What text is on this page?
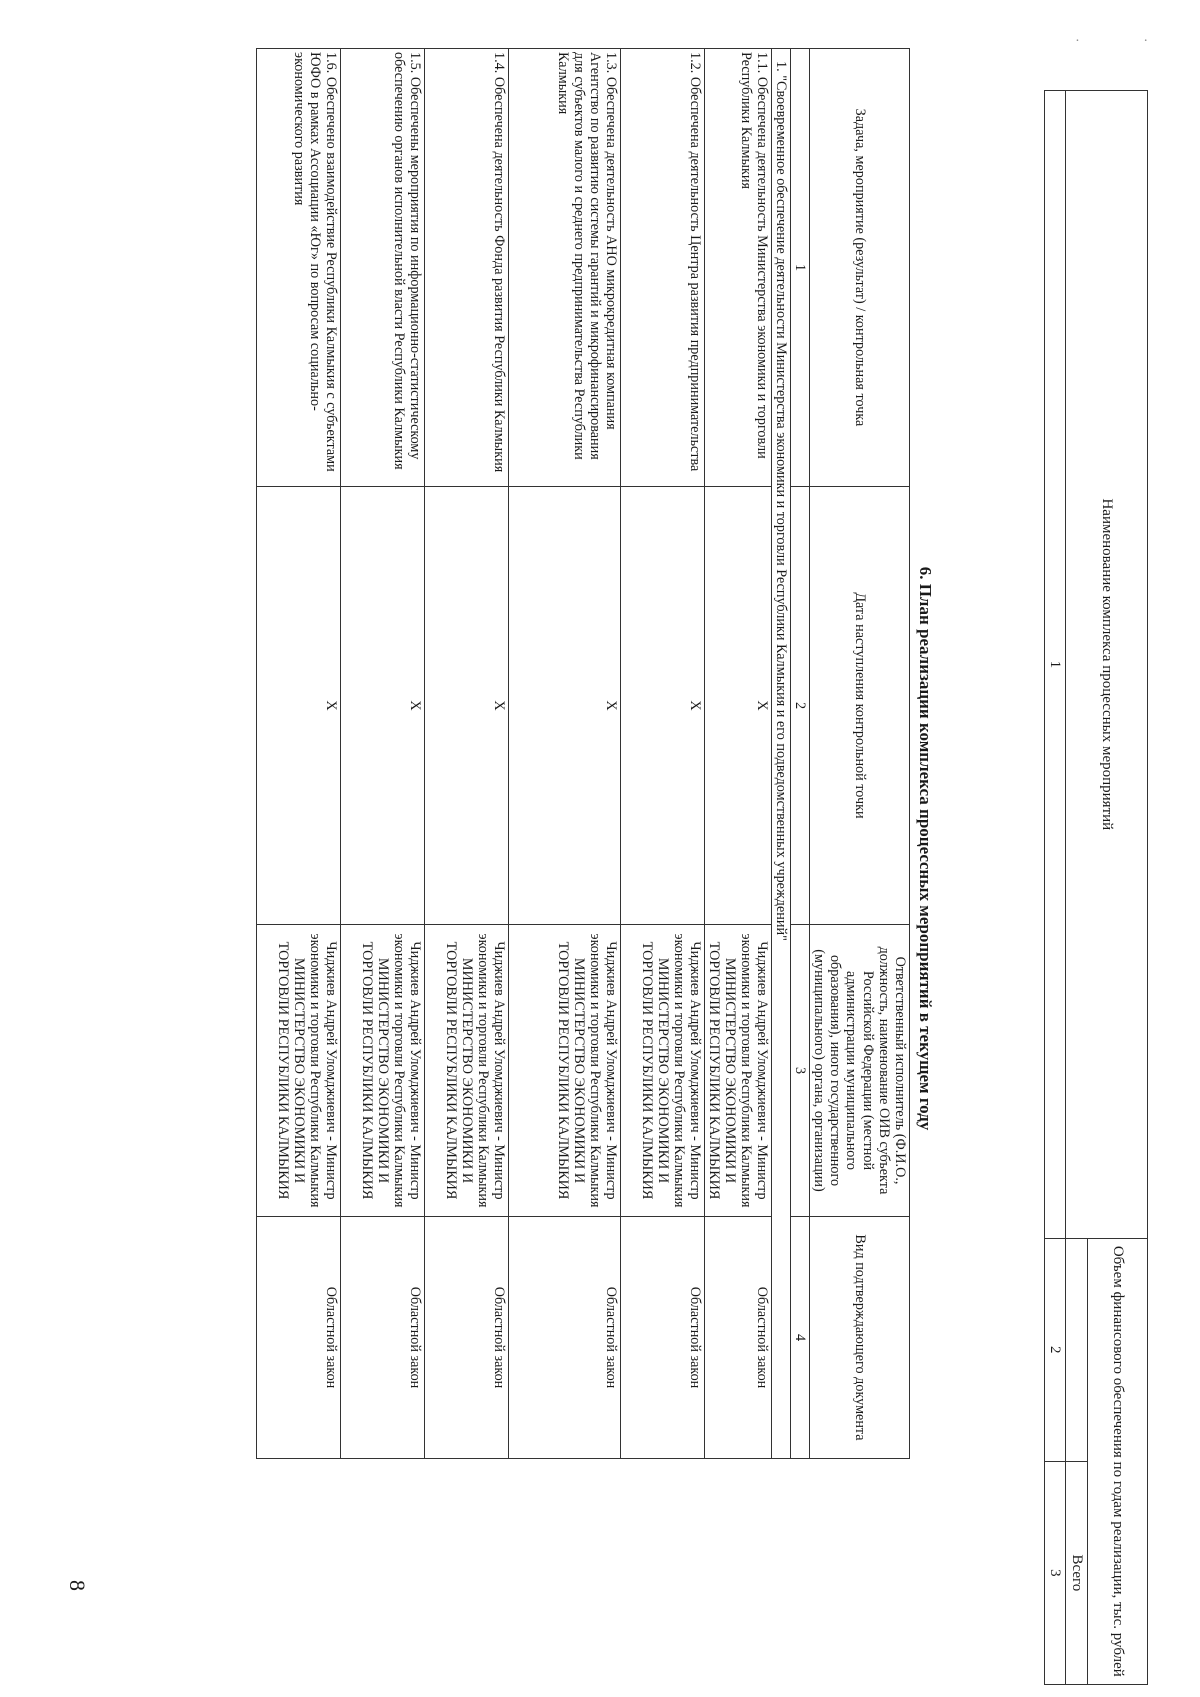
· ·
Наименование комплекса процессных мероприятий	Объем финансового обеспечения по годам реализации, тыс. рублей	
		Всего
1	2	3
6. План реализации комплекса процессных мероприятий в текущем году
Задача, мероприятие (результат) / контрольная точка	Дата наступления контрольной точки	Ответственный исполнитель (Ф.И.О., должность, наименование ОИВ субъекта Российской Федерации (местной администрации муниципального образования), иного государственного (муниципального) органа, организации)	Вид подтверждающего документа
1	2	3	4
1. "Своевременное обеспечение деятельности Министерства экономики и торговли Республики Калмыкия и его подведомственных учреждений"			
1.1. Обеспечена деятельность Министерства экономики и торговли Республики Калмыкия	X	Чиджиев Андрей Уломджиевич - Министр экономики и торговли Республики Калмыкия МИНИСТЕРСТВО ЭКОНОМИКИ И ТОРГОВЛИ РЕСПУБЛИКИ КАЛМЫКИЯ	Областной закон
1.2. Обеспечена деятельность Центра развития предпринимательства	X	Чиджиев Андрей Уломджиевич - Министр экономики и торговли Республики Калмыкия МИНИСТЕРСТВО ЭКОНОМИКИ И ТОРГОВЛИ РЕСПУБЛИКИ КАЛМЫКИЯ	Областной закон
1.3. Обеспечена деятельность АНО микрокредитная компания Агентство по развитию системы гарантий и микрофинансирования для субъектов малого и среднего предпринимательства Республики Калмыкия	X	Чиджиев Андрей Уломджиевич - Министр экономики и торговли Республики Калмыкия МИНИСТЕРСТВО ЭКОНОМИКИ И ТОРГОВЛИ РЕСПУБЛИКИ КАЛМЫКИЯ	Областной закон
1.4. Обеспечена деятельность Фонда развития Республики Калмыкия	X	Чиджиев Андрей Уломджиевич - Министр экономики и торговли Республики Калмыкия МИНИСТЕРСТВО ЭКОНОМИКИ И ТОРГОВЛИ РЕСПУБЛИКИ КАЛМЫКИЯ	Областной закон
1.5. Обеспечены мероприятия по информационно-статистическому обеспечению органов исполнительной власти Республики Калмыкия	X	Чиджиев Андрей Уломджиевич - Министр экономики и торговли Республики Калмыкия МИНИСТЕРСТВО ЭКОНОМИКИ И ТОРГОВЛИ РЕСПУБЛИКИ КАЛМЫКИЯ	Областной закон
1.6. Обеспечено взаимодействие Республики Калмыкия с субъектами ЮФО в рамках Ассоциации «Юг» по вопросам социально-экономического развития	X	Чиджиев Андрей Уломджиевич - Министр экономики и торговли Республики Калмыкия МИНИСТЕРСТВО ЭКОНОМИКИ И ТОРГОВЛИ РЕСПУБЛИКИ КАЛМЫКИЯ	Областной закон
8
